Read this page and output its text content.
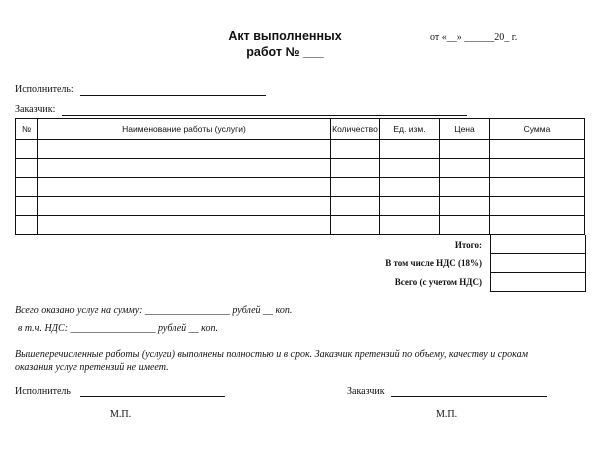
Акт выполненных
работ № ___
от «__» ______20_ г.
Исполнитель:
Заказчик:
№	Наименование работы (услуги)	Количество	Ед. изм.	Цена	Сумма

Итого:
В том числе НДС (18%)
Всего (с учетом НДС)
Всего оказано услуг на сумму: _________________ рублей __ коп.
в т.ч. НДС: _________________ рублей __ коп.
Вышеперечисленные работы (услуги) выполнены полностью и в срок. Заказчик претензий по объему, качеству и срокам
оказания услуг претензий не имеет.
Исполнитель	Заказчик
М.П.	М.П.
